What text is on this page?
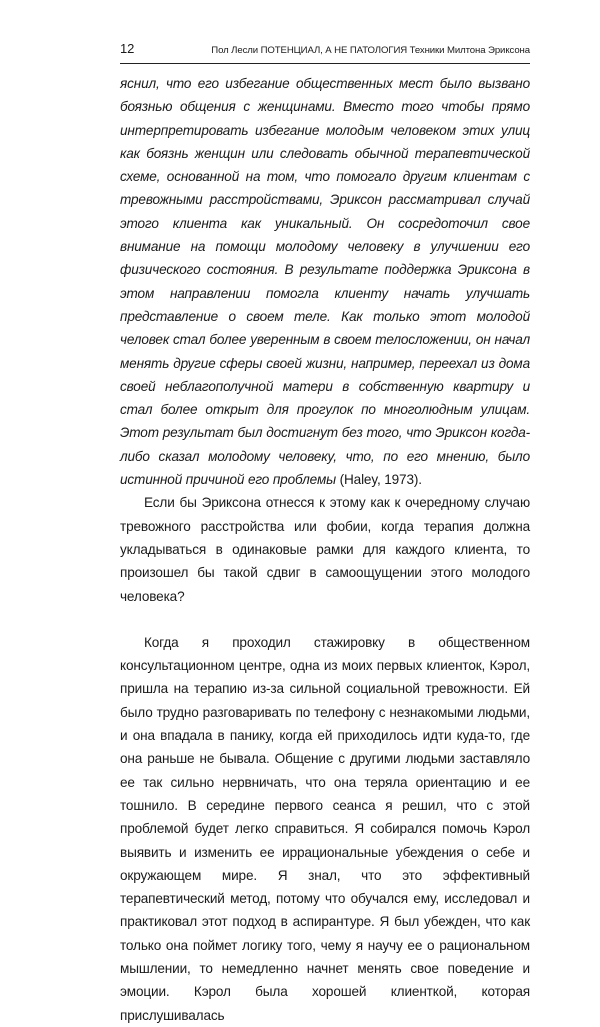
12	Пол Лесли ПОТЕНЦИАЛ, А НЕ ПАТОЛОГИЯ Техники Милтона Эриксона

яснил, что его избегание общественных мест было вызвано боязнью общения с женщинами. Вместо того чтобы прямо интерпретировать избегание молодым человеком этих улиц как боязнь женщин или следовать обычной терапевтической схеме, основанной на том, что помогало другим клиентам с тревожными расстройствами, Эриксон рассматривал случай этого клиента как уникальный. Он сосредоточил свое внимание на помощи молодому человеку в улучшении его физического состояния. В результате поддержка Эриксона в этом направлении помогла клиенту начать улучшать представление о своем теле. Как только этот молодой человек стал более уверенным в своем телосложении, он начал менять другие сферы своей жизни, например, переехал из дома своей неблагополучной матери в собственную квартиру и стал более открыт для прогулок по многолюдным улицам. Этот результат был достигнут без того, что Эриксон когда-либо сказал молодому человеку, что, по его мнению, было истинной причиной его проблемы (Haley, 1973).

Если бы Эриксона отнесся к этому как к очередному случаю тревожного расстройства или фобии, когда терапия должна укладываться в одинаковые рамки для каждого клиента, то произошел бы такой сдвиг в самоощущении этого молодого человека?

Когда я проходил стажировку в общественном консультационном центре, одна из моих первых клиенток, Кэрол, пришла на терапию из-за сильной социальной тревожности. Ей было трудно разговаривать по телефону с незнакомыми людьми, и она впадала в панику, когда ей приходилось идти куда-то, где она раньше не бывала. Общение с другими людьми заставляло ее так сильно нервничать, что она теряла ориентацию и ее тошнило. В середине первого сеанса я решил, что с этой проблемой будет легко справиться. Я собирался помочь Кэрол выявить и изменить ее иррациональные убеждения о себе и окружающем мире. Я знал, что это эффективный терапевтический метод, потому что обучался ему, исследовал и практиковал этот подход в аспирантуре. Я был убежден, что как только она поймет логику того, чему я научу ее о рациональном мышлении, то немедленно начнет менять свое поведение и эмоции. Кэрол была хорошей клиенткой, которая прислушивалась
